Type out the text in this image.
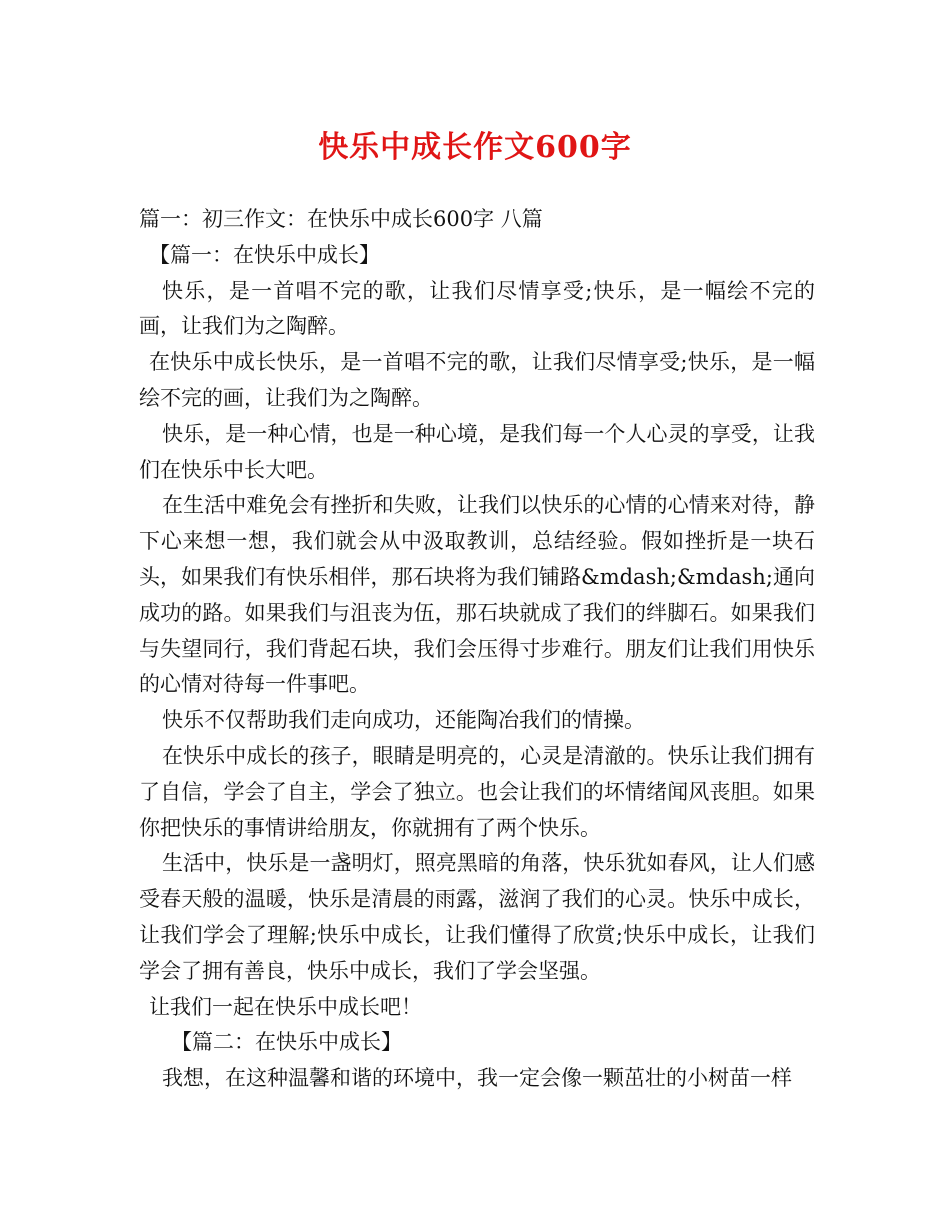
快乐中成长作文600字

篇一：初三作文：在快乐中成长600字 八篇

【篇一：在快乐中成长】

快乐，是一首唱不完的歌，让我们尽情享受;快乐，是一幅绘不完的画，让我们为之陶醉。

在快乐中成长快乐，是一首唱不完的歌，让我们尽情享受;快乐，是一幅绘不完的画，让我们为之陶醉。

快乐，是一种心情，也是一种心境，是我们每一个人心灵的享受，让我们在快乐中长大吧。

在生活中难免会有挫折和失败，让我们以快乐的心情的心情来对待，静下心来想一想，我们就会从中汲取教训，总结经验。假如挫折是一块石头，如果我们有快乐相伴，那石块将为我们铺路&mdash;&mdash;通向成功的路。如果我们与沮丧为伍，那石块就成了我们的绊脚石。如果我们与失望同行，我们背起石块，我们会压得寸步难行。朋友们让我们用快乐的心情对待每一件事吧。

快乐不仅帮助我们走向成功，还能陶冶我们的情操。

在快乐中成长的孩子，眼睛是明亮的，心灵是清澈的。快乐让我们拥有了自信，学会了自主，学会了独立。也会让我们的坏情绪闻风丧胆。如果你把快乐的事情讲给朋友，你就拥有了两个快乐。

生活中，快乐是一盏明灯，照亮黑暗的角落，快乐犹如春风，让人们感受春天般的温暖，快乐是清晨的雨露，滋润了我们的心灵。快乐中成长，让我们学会了理解;快乐中成长，让我们懂得了欣赏;快乐中成长，让我们学会了拥有善良，快乐中成长，我们了学会坚强。

让我们一起在快乐中成长吧！

【篇二：在快乐中成长】

我想，在这种温馨和谐的环境中，我一定会像一颗茁壮的小树苗一样
